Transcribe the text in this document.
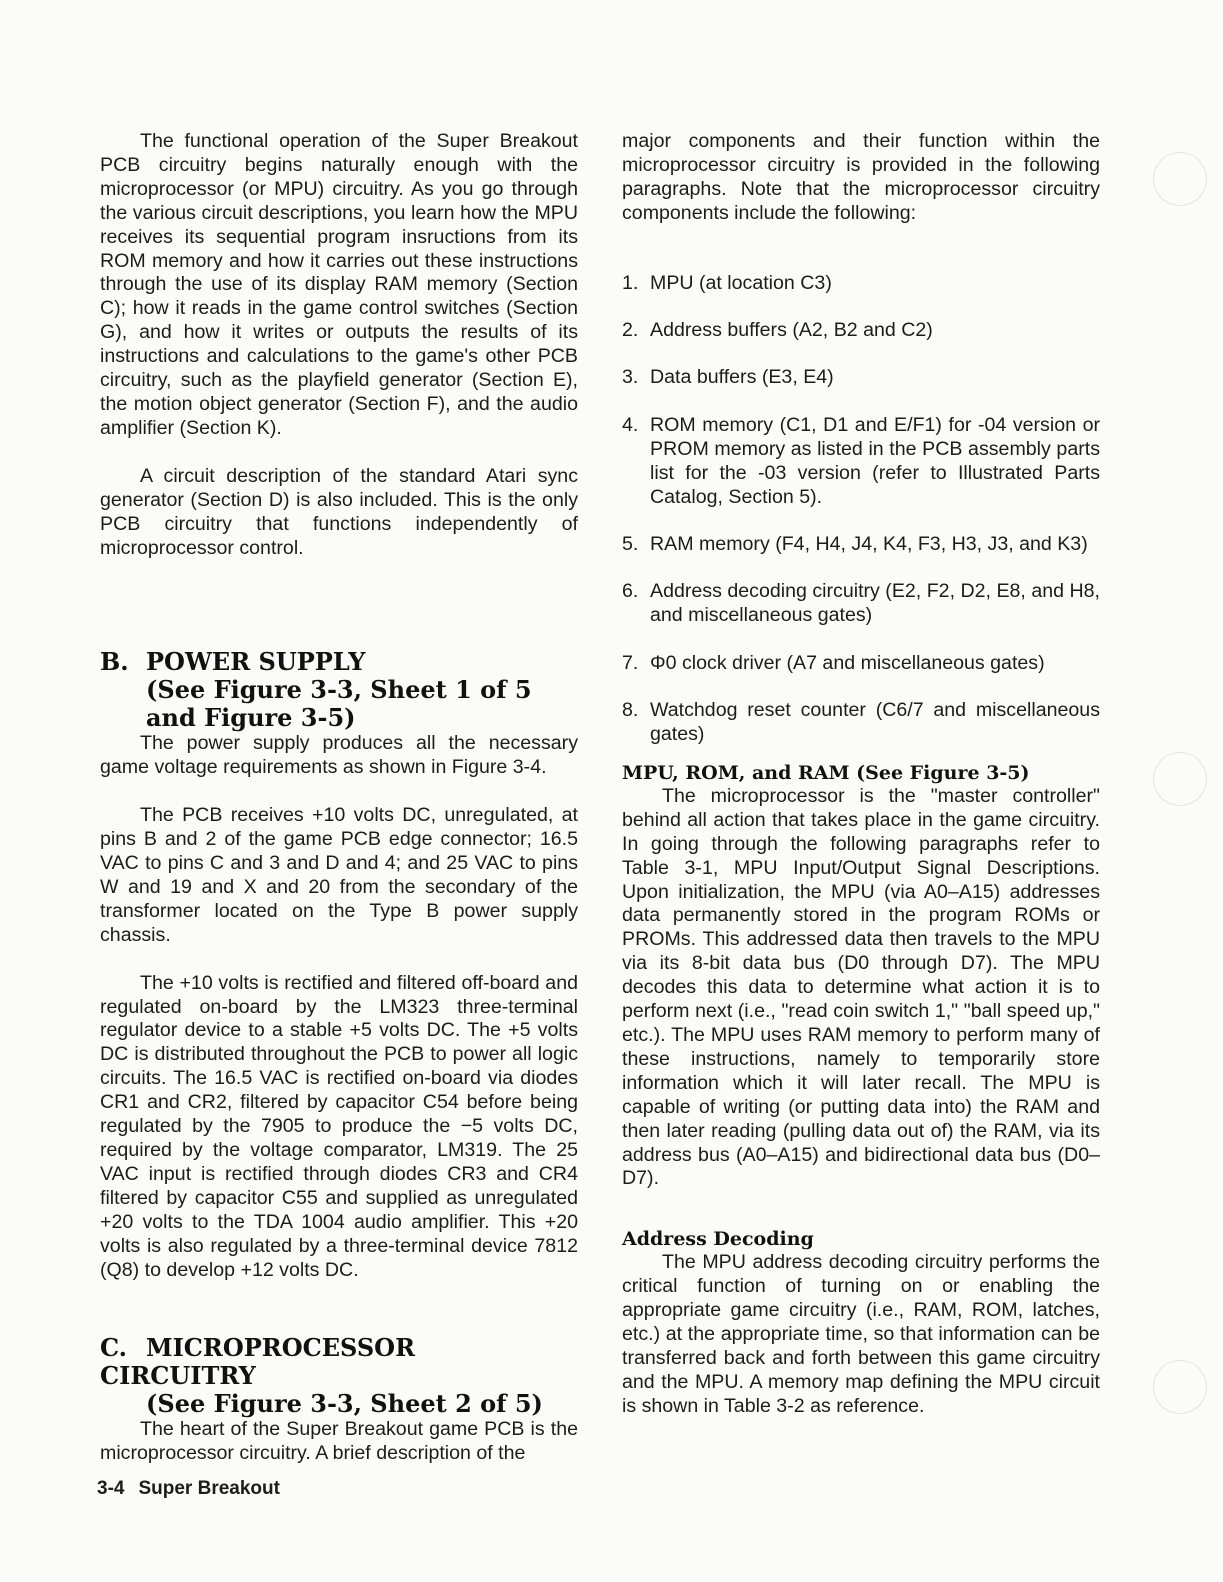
The functional operation of the Super Breakout PCB circuitry begins naturally enough with the microprocessor (or MPU) circuitry. As you go through the various circuit descriptions, you learn how the MPU receives its sequential program insructions from its ROM memory and how it carries out these instructions through the use of its display RAM memory (Section C); how it reads in the game control switches (Section G), and how it writes or outputs the results of its instructions and calculations to the game's other PCB circuitry, such as the playfield generator (Section E), the motion object generator (Section F), and the audio amplifier (Section K).

A circuit description of the standard Atari sync generator (Section D) is also included. This is the only PCB circuitry that functions independently of microprocessor control.

B. POWER SUPPLY
(See Figure 3-3, Sheet 1 of 5 and Figure 3-5)

The power supply produces all the necessary game voltage requirements as shown in Figure 3-4.

The PCB receives +10 volts DC, unregulated, at pins B and 2 of the game PCB edge connector; 16.5 VAC to pins C and 3 and D and 4; and 25 VAC to pins W and 19 and X and 20 from the secondary of the transformer located on the Type B power supply chassis.

The +10 volts is rectified and filtered off-board and regulated on-board by the LM323 three-terminal regulator device to a stable +5 volts DC. The +5 volts DC is distributed throughout the PCB to power all logic circuits. The 16.5 VAC is rectified on-board via diodes CR1 and CR2, filtered by capacitor C54 before being regulated by the 7905 to produce the −5 volts DC, required by the voltage comparator, LM319. The 25 VAC input is rectified through diodes CR3 and CR4 filtered by capacitor C55 and supplied as unregulated +20 volts to the TDA 1004 audio amplifier. This +20 volts is also regulated by a three-terminal device 7812 (Q8) to develop +12 volts DC.

C. MICROPROCESSOR CIRCUITRY
(See Figure 3-3, Sheet 2 of 5)

The heart of the Super Breakout game PCB is the microprocessor circuitry. A brief description of the

major components and their function within the microprocessor circuitry is provided in the following paragraphs. Note that the microprocessor circuitry components include the following:

1. MPU (at location C3)
2. Address buffers (A2, B2 and C2)
3. Data buffers (E3, E4)
4. ROM memory (C1, D1 and E/F1) for -04 version or PROM memory as listed in the PCB assembly parts list for the -03 version (refer to Illustrated Parts Catalog, Section 5).
5. RAM memory (F4, H4, J4, K4, F3, H3, J3, and K3)
6. Address decoding circuitry (E2, F2, D2, E8, and H8, and miscellaneous gates)
7. Φ0 clock driver (A7 and miscellaneous gates)
8. Watchdog reset counter (C6/7 and miscellaneous gates)
MPU, ROM, and RAM (See Figure 3-5)

The microprocessor is the "master controller" behind all action that takes place in the game circuitry. In going through the following paragraphs refer to Table 3-1, MPU Input/Output Signal Descriptions. Upon initialization, the MPU (via A0–A15) addresses data permanently stored in the program ROMs or PROMs. This addressed data then travels to the MPU via its 8-bit data bus (D0 through D7). The MPU decodes this data to determine what action it is to perform next (i.e., "read coin switch 1," "ball speed up," etc.). The MPU uses RAM memory to perform many of these instructions, namely to temporarily store information which it will later recall. The MPU is capable of writing (or putting data into) the RAM and then later reading (pulling data out of) the RAM, via its address bus (A0–A15) and bidirectional data bus (D0–D7).

Address Decoding

The MPU address decoding circuitry performs the critical function of turning on or enabling the appropriate game circuitry (i.e., RAM, ROM, latches, etc.) at the appropriate time, so that information can be transferred back and forth between this game circuitry and the MPU. A memory map defining the MPU circuit is shown in Table 3-2 as reference.

3-4 Super Breakout
